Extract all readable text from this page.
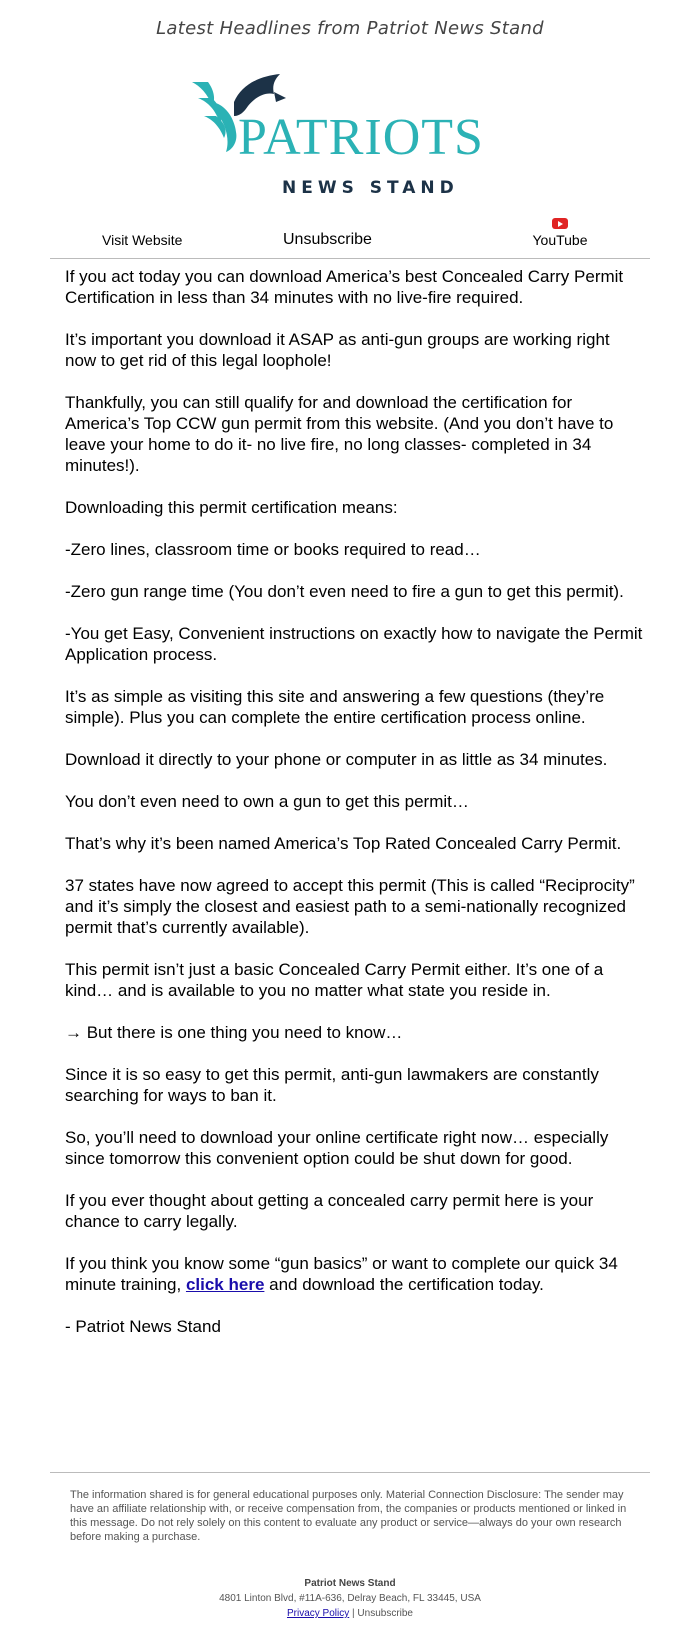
Latest Headlines from Patriot News Stand
PATRIOTS
NEWS STAND
Visit Website	Unsubscribe	YouTube

If you act today you can download America’s best Concealed Carry Permit Certification in less than 34 minutes with no live-fire required.

It’s important you download it ASAP as anti-gun groups are working right now to get rid of this legal loophole!

Thankfully, you can still qualify for and download the certification for America’s Top CCW gun permit from this website. (And you don’t have to leave your home to do it- no live fire, no long classes- completed in 34 minutes!).

Downloading this permit certification means:

-Zero lines, classroom time or books required to read…

-Zero gun range time (You don’t even need to fire a gun to get this permit).

-You get Easy, Convenient instructions on exactly how to navigate the Permit Application process.

It’s as simple as visiting this site and answering a few questions (they’re simple). Plus you can complete the entire certification process online.

Download it directly to your phone or computer in as little as 34 minutes.

You don’t even need to own a gun to get this permit…

That’s why it’s been named America’s Top Rated Concealed Carry Permit.

37 states have now agreed to accept this permit (This is called “Reciprocity” and it’s simply the closest and easiest path to a semi-nationally recognized permit that’s currently available).

This permit isn’t just a basic Concealed Carry Permit either. It’s one of a kind… and is available to you no matter what state you reside in.

→ But there is one thing you need to know…

Since it is so easy to get this permit, anti-gun lawmakers are constantly searching for ways to ban it.

So, you’ll need to download your online certificate right now… especially since tomorrow this convenient option could be shut down for good.

If you ever thought about getting a concealed carry permit here is your chance to carry legally.

If you think you know some “gun basics” or want to complete our quick 34 minute training, click here and download the certification today.

- Patriot News Stand

The information shared is for general educational purposes only. Material Connection Disclosure: The sender may have an affiliate relationship with, or receive compensation from, the companies or products mentioned or linked in this message. Do not rely solely on this content to evaluate any product or service—always do your own research before making a purchase.
Patriot News Stand
4801 Linton Blvd, #11A-636, Delray Beach, FL 33445, USA
Privacy Policy | Unsubscribe
